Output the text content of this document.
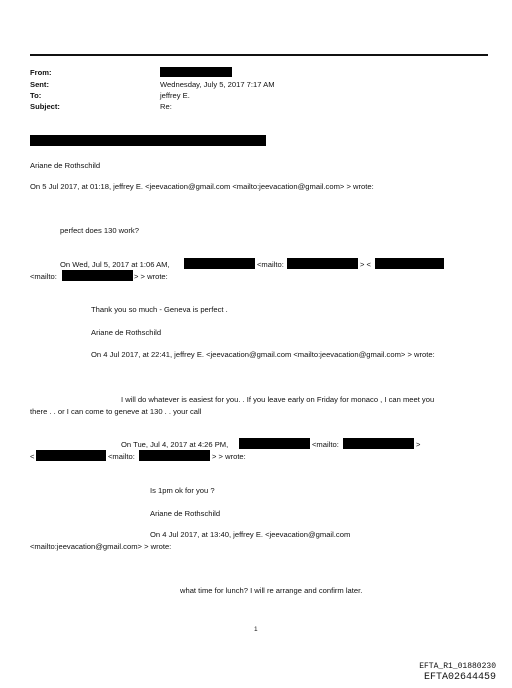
From:
Sent:	Wednesday, July 5, 2017 7:17 AM
To:	jeffrey E.
Subject:	Re:
Ariane de Rothschild
On 5 Jul 2017, at 01:18, jeffrey E. <jeevacation@gmail.com <mailto:jeevacation@gmail.com> > wrote:
perfect does 130 work?
On Wed, Jul 5, 2017 at 1:06 AM,	<mailto:	> <
<mailto:	> > wrote:
Thank you so much - Geneva is perfect .
Ariane de Rothschild
On 4 Jul 2017, at 22:41, jeffrey E. <jeevacation@gmail.com <mailto:jeevacation@gmail.com> > wrote:
I will do whatever is easiest for you. . If you leave early on Friday for monaco , I can meet you
there . . or I can come to geneve at 130 . . your call
On Tue, Jul 4, 2017 at 4:26 PM,	<mailto:	>
<	<mailto:	> > wrote:
Is 1pm ok for you ?
Ariane de Rothschild
On 4 Jul 2017, at 13:40, jeffrey E. <jeevacation@gmail.com
<mailto:jeevacation@gmail.com> > wrote:
what time for lunch? I will re arrange and confirm later.
1
EFTA_R1_01880230
EFTA02644459
